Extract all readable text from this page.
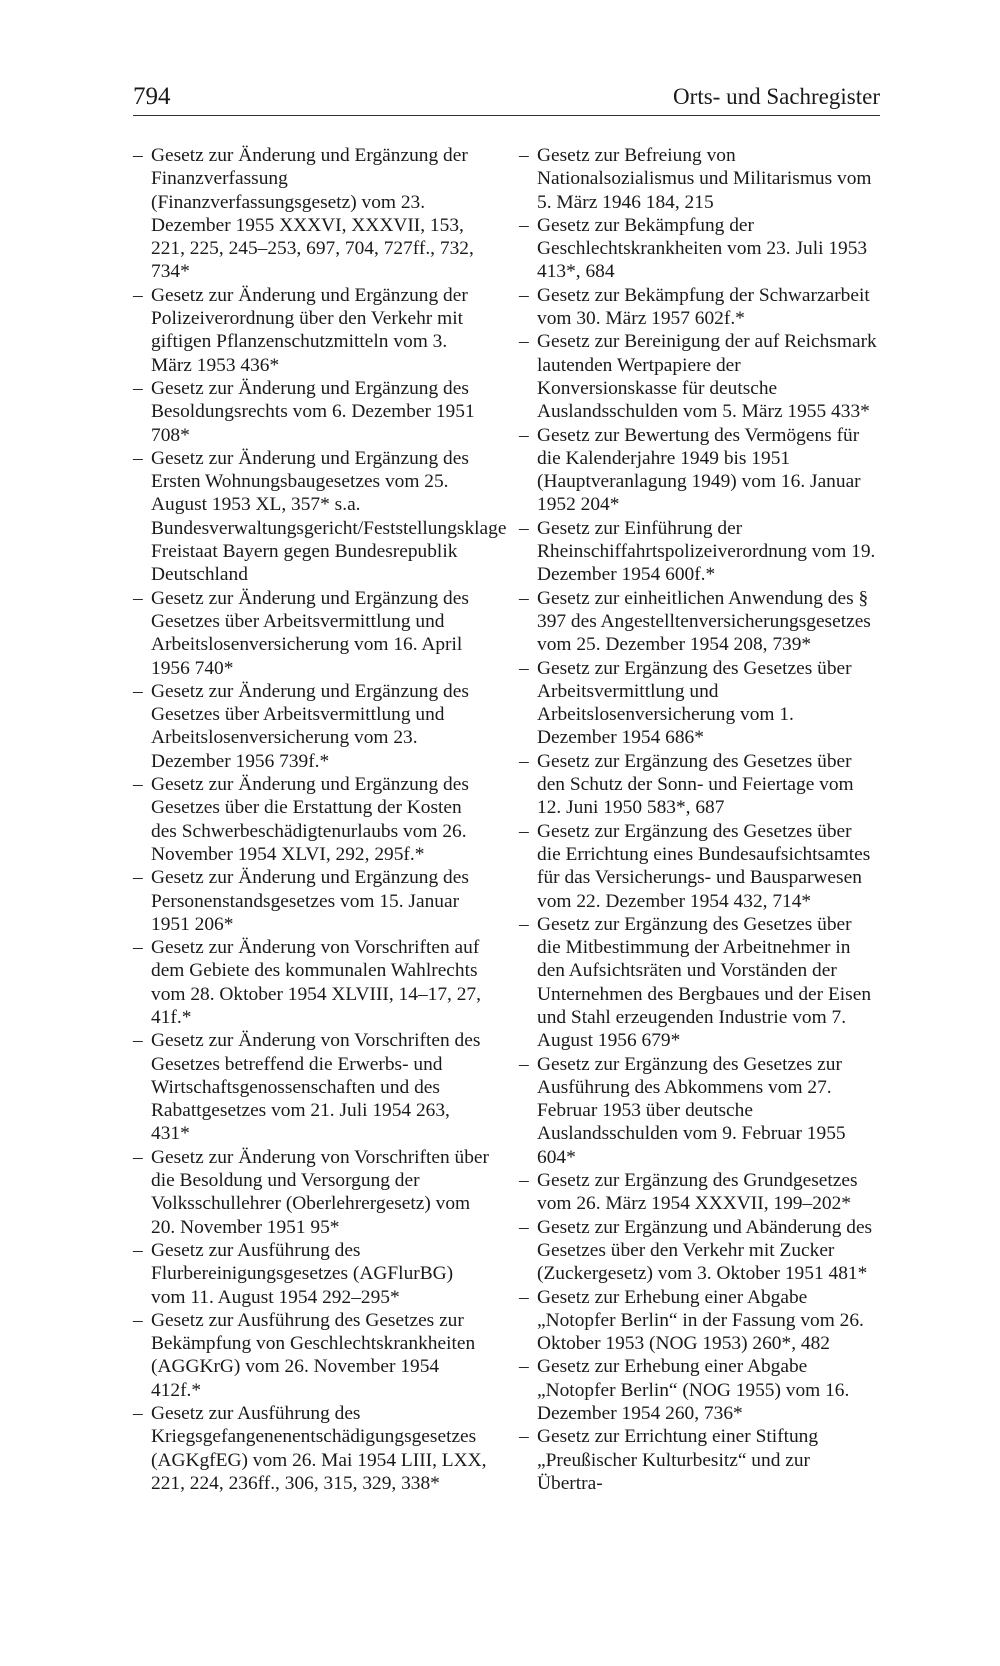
794	Orts- und Sachregister

– Gesetz zur Änderung und Ergänzung der Finanzverfassung (Finanzverfassungsgesetz) vom 23. Dezember 1955 XXXVI, XXXVII, 153, 221, 225, 245–253, 697, 704, 727ff., 732, 734*

– Gesetz zur Änderung und Ergänzung der Polizeiverordnung über den Verkehr mit giftigen Pflanzenschutzmitteln vom 3. März 1953 436*

– Gesetz zur Änderung und Ergänzung des Besoldungsrechts vom 6. Dezember 1951 708*

– Gesetz zur Änderung und Ergänzung des Ersten Wohnungsbaugesetzes vom 25. August 1953 XL, 357* s.a. Bundesverwaltungsgericht/Feststellungsklage Freistaat Bayern gegen Bundesrepublik Deutschland

– Gesetz zur Änderung und Ergänzung des Gesetzes über Arbeitsvermittlung und Arbeitslosenversicherung vom 16. April 1956 740*

– Gesetz zur Änderung und Ergänzung des Gesetzes über Arbeitsvermittlung und Arbeitslosenversicherung vom 23. Dezember 1956 739f.*

– Gesetz zur Änderung und Ergänzung des Gesetzes über die Erstattung der Kosten des Schwerbeschädigtenurlaubs vom 26. November 1954 XLVI, 292, 295f.*

– Gesetz zur Änderung und Ergänzung des Personenstandsgesetzes vom 15. Januar 1951 206*

– Gesetz zur Änderung von Vorschriften auf dem Gebiete des kommunalen Wahlrechts vom 28. Oktober 1954 XLVIII, 14–17, 27, 41f.*

– Gesetz zur Änderung von Vorschriften des Gesetzes betreffend die Erwerbs- und Wirtschaftsgenossenschaften und des Rabattgesetzes vom 21. Juli 1954 263, 431*

– Gesetz zur Änderung von Vorschriften über die Besoldung und Versorgung der Volksschullehrer (Oberlehrergesetz) vom 20. November 1951 95*

– Gesetz zur Ausführung des Flurbereinigungsgesetzes (AGFlurBG) vom 11. August 1954 292–295*

– Gesetz zur Ausführung des Gesetzes zur Bekämpfung von Geschlechtskrankheiten (AGGKrG) vom 26. November 1954 412f.*

– Gesetz zur Ausführung des Kriegsgefangenenentschädigungsgesetzes (AGKgfEG) vom 26. Mai 1954 LIII, LXX, 221, 224, 236ff., 306, 315, 329, 338*

– Gesetz zur Befreiung von Nationalsozialismus und Militarismus vom 5. März 1946 184, 215

– Gesetz zur Bekämpfung der Geschlechtskrankheiten vom 23. Juli 1953 413*, 684

– Gesetz zur Bekämpfung der Schwarzarbeit vom 30. März 1957 602f.*

– Gesetz zur Bereinigung der auf Reichsmark lautenden Wertpapiere der Konversionskasse für deutsche Auslandsschulden vom 5. März 1955 433*

– Gesetz zur Bewertung des Vermögens für die Kalenderjahre 1949 bis 1951 (Hauptveranlagung 1949) vom 16. Januar 1952 204*

– Gesetz zur Einführung der Rheinschiffahrtspolizeiverordnung vom 19. Dezember 1954 600f.*

– Gesetz zur einheitlichen Anwendung des § 397 des Angestelltenversicherungsgesetzes vom 25. Dezember 1954 208, 739*

– Gesetz zur Ergänzung des Gesetzes über Arbeitsvermittlung und Arbeitslosenversicherung vom 1. Dezember 1954 686*

– Gesetz zur Ergänzung des Gesetzes über den Schutz der Sonn- und Feiertage vom 12. Juni 1950 583*, 687

– Gesetz zur Ergänzung des Gesetzes über die Errichtung eines Bundesaufsichtsamtes für das Versicherungs- und Bausparwesen vom 22. Dezember 1954 432, 714*

– Gesetz zur Ergänzung des Gesetzes über die Mitbestimmung der Arbeitnehmer in den Aufsichtsräten und Vorständen der Unternehmen des Bergbaues und der Eisen und Stahl erzeugenden Industrie vom 7. August 1956 679*

– Gesetz zur Ergänzung des Gesetzes zur Ausführung des Abkommens vom 27. Februar 1953 über deutsche Auslandsschulden vom 9. Februar 1955 604*

– Gesetz zur Ergänzung des Grundgesetzes vom 26. März 1954 XXXVII, 199–202*

– Gesetz zur Ergänzung und Abänderung des Gesetzes über den Verkehr mit Zucker (Zuckergesetz) vom 3. Oktober 1951 481*

– Gesetz zur Erhebung einer Abgabe „Notopfer Berlin“ in der Fassung vom 26. Oktober 1953 (NOG 1953) 260*, 482

– Gesetz zur Erhebung einer Abgabe „Notopfer Berlin“ (NOG 1955) vom 16. Dezember 1954 260, 736*

– Gesetz zur Errichtung einer Stiftung „Preußischer Kulturbesitz“ und zur Übertra-
